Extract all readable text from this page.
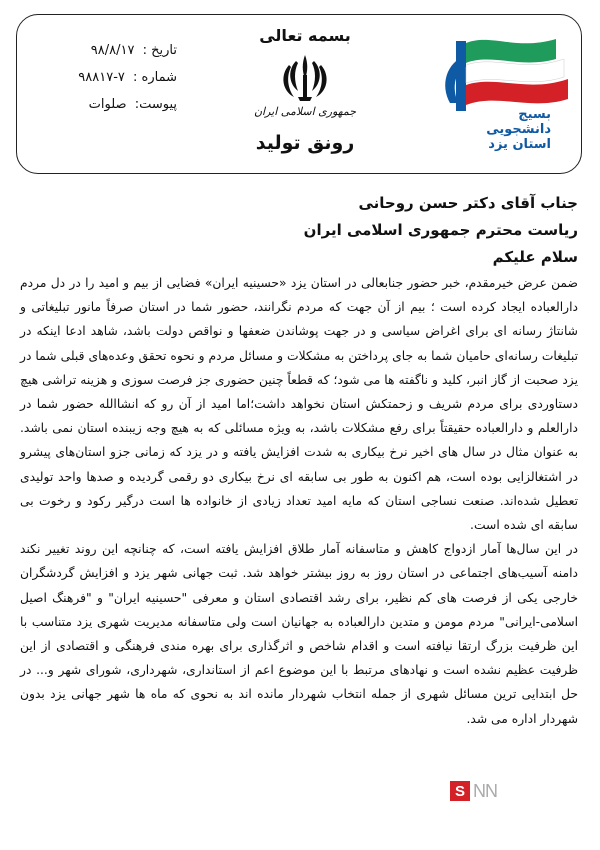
بسیج
دانشجویی
استان یزد
بسمه تعالی
جمهوری اسلامی ایران
رونق تولید
تاریخ : ۹۸/۸/۱۷
شماره : ۷-۹۸۸۱۷
پیوست: صلوات
جناب آقای دکتر حسن روحانی
ریاست محترم جمهوری اسلامی ایران
سلام علیکم

ضمن عرض خیرمقدم، خبر حضور جنابعالی در استان یزد «حسینیه ایران» فضایی از بیم و امید را در دل مردم دارالعباده ایجاد کرده است ؛ بیم از آن جهت که مردم نگرانند، حضور شما در استان صرفاً مانور تبلیغاتی و شانتاژ رسانه ای برای اغراض سیاسی و در جهت پوشاندن ضعفها و نواقص دولت باشد، شاهد ادعا اینکه در تبلیغات رسانه‌ای حامیان شما به جای پرداختن به مشکلات و مسائل مردم و نحوه تحقق وعده‌های قبلی شما در یزد صحبت از گاز انبر، کلید و ناگفته ها می شود؛ که قطعاً چنین حضوری جز فرصت سوزی و هزینه تراشی هیچ دستاوردی برای مردم شریف و زحمتکش استان نخواهد داشت؛اما امید از آن رو که انشاالله حضور شما در دارالعلم و دارالعباده حقیقتاً برای رفع مشکلات باشد، به ویژه مسائلی که به هیچ وجه زیبنده استان نمی باشد. به عنوان مثال در سال های اخیر نرخ بیکاری به شدت افزایش یافته و در یزد که زمانی جزو استان‌های پیشرو در اشتغالزایی بوده است، هم اکنون به طور بی سابقه ای نرخ بیکاری دو رقمی گردیده و صدها واحد تولیدی تعطیل شده‌اند. صنعت نساجی استان که مایه امید تعداد زیادی از خانواده ها است درگیر رکود و رخوت بی سابقه ای شده است.

در این سال‌ها آمار ازدواج کاهش و متاسفانه آمار طلاق افزایش یافته است، که چنانچه این روند تغییر نکند دامنه آسیب‌های اجتماعی در استان روز به روز بیشتر خواهد شد. ثبت جهانی شهر یزد و افزایش گردشگران خارجی یکی از فرصت های کم نظیر، برای رشد اقتصادی استان و معرفی "حسینیه ایران" و "فرهنگ اصیل اسلامی-ایرانی" مردم مومن و متدین دارالعباده به جهانیان است ولی متاسفانه مدیریت شهری یزد متناسب با این ظرفیت بزرگ ارتقا نیافته است و اقدام شاخص و اثرگذاری برای بهره مندی فرهنگی و اقتصادی از این ظرفیت عظیم نشده است و نهادهای مرتبط با این موضوع اعم از استانداری، شهرداری، شورای شهر و... در حل ابتدایی ترین مسائل شهری از جمله انتخاب شهردار مانده اند به نحوی که ماه ها شهر جهانی یزد بدون شهردار اداره می شد.

S NN
